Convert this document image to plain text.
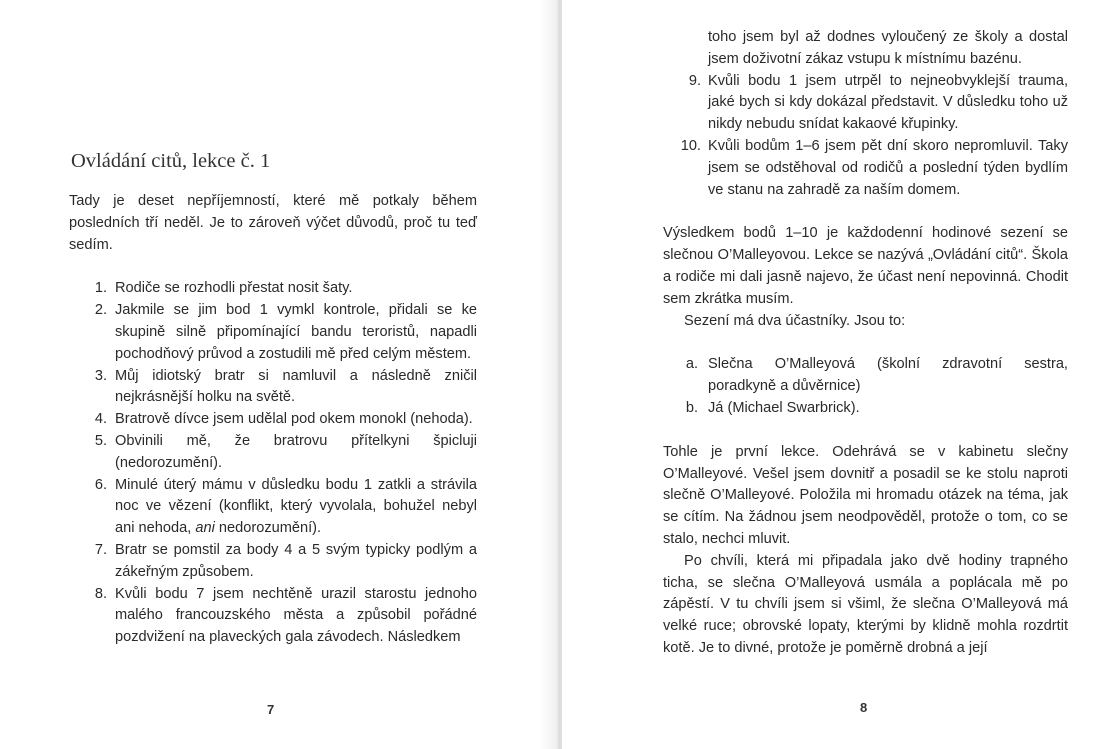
Ovládání citů, lekce č. 1

Tady je deset nepříjemností, které mě potkaly během posledních tří neděl. Je to zároveň výčet důvodů, proč tu teď sedím.

1. Rodiče se rozhodli přestat nosit šaty.
2. Jakmile se jim bod 1 vymkl kontrole, přidali se ke skupině silně připomínající bandu teroristů, napadli pochodňový průvod a zostudili mě před celým městem.
3. Můj idiotský bratr si namluvil a následně zničil nejkrásnější holku na světě.
4. Bratrově dívce jsem udělal pod okem monokl (nehoda).
5. Obvinili mě, že bratrovu přítelkyni špicluji (nedorozumění).
6. Minulé úterý mámu v důsledku bodu 1 zatkli a strávila noc ve vězení (konflikt, který vyvolala, bohužel nebyl ani nehoda, ani nedorozumění).
7. Bratr se pomstil za body 4 a 5 svým typicky podlým a zákeřným způsobem.
8. Kvůli bodu 7 jsem nechtěně urazil starostu jednoho malého francouzského města a způsobil pořádné pozdvižení na plaveckých gala závodech. Následkem
7
toho jsem byl až dodnes vyloučený ze školy a dostal jsem doživotní zákaz vstupu k místnímu bazénu.
9. Kvůli bodu 1 jsem utrpěl to nejneobvyklejší trauma, jaké bych si kdy dokázal představit. V důsledku toho už nikdy nebudu snídat kakaové křupinky.
10. Kvůli bodům 1–6 jsem pět dní skoro nepromluvil. Taky jsem se odstěhoval od rodičů a poslední týden bydlím ve stanu na zahradě za naším domem.

Výsledkem bodů 1–10 je každodenní hodinové sezení se slečnou O’Malleyovou. Lekce se nazývá „Ovládání citů“. Škola a rodiče mi dali jasně najevo, že účast není nepovinná. Chodit sem zkrátka musím.

Sezení má dva účastníky. Jsou to:

a. Slečna O’Malleyová (školní zdravotní sestra, poradkyně a důvěrnice)
b. Já (Michael Swarbrick).

Tohle je první lekce. Odehrává se v kabinetu slečny O’Malleyové. Vešel jsem dovnitř a posadil se ke stolu naproti slečně O’Malleyové. Položila mi hromadu otázek na téma, jak se cítím. Na žádnou jsem neodpověděl, protože o tom, co se stalo, nechci mluvit.

Po chvíli, která mi připadala jako dvě hodiny trapného ticha, se slečna O’Malleyová usmála a poplácala mě po zápěstí. V tu chvíli jsem si všiml, že slečna O’Malleyová má velké ruce; obrovské lopaty, kterými by klidně mohla rozdrtit kotě. Je to divné, protože je poměrně drobná a její

8
